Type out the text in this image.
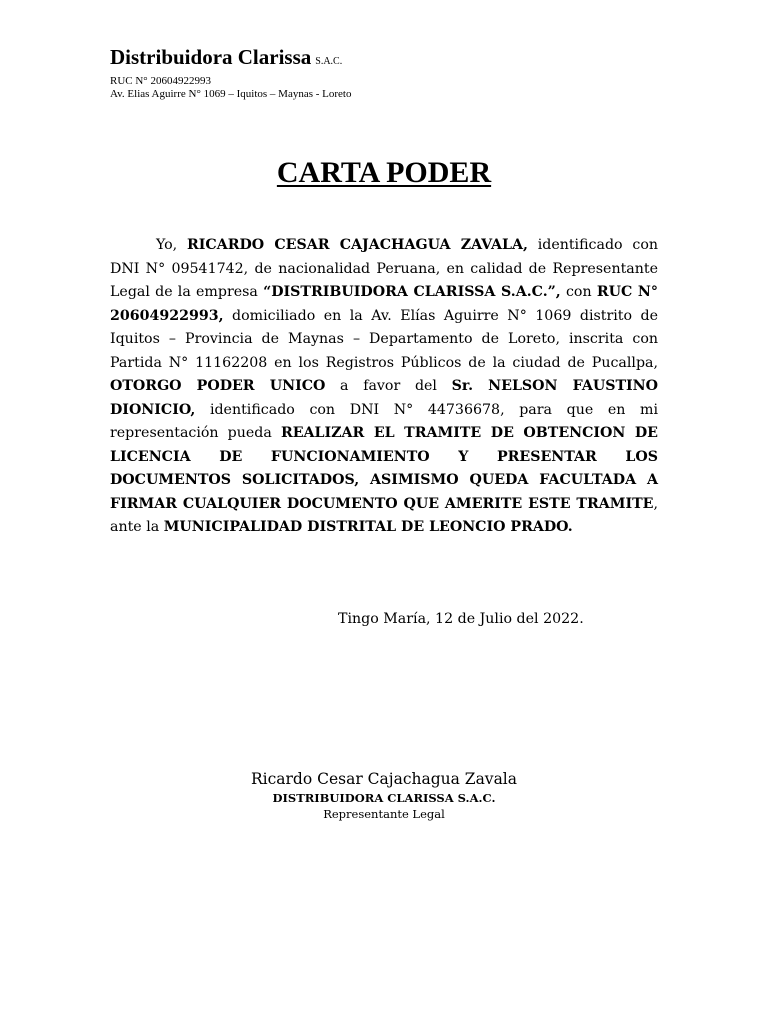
Distribuidora Clarissa S.A.C.
RUC N° 20604922993
Av. Elias Aguirre N° 1069 – Iquitos – Maynas - Loreto
CARTA PODER

Yo, RICARDO CESAR CAJACHAGUA ZAVALA, identificado con DNI N° 09541742, de nacionalidad Peruana, en calidad de Representante Legal de la empresa “DISTRIBUIDORA CLARISSA S.A.C.”, con RUC N° 20604922993, domiciliado en la Av. Elías Aguirre N° 1069 distrito de Iquitos – Provincia de Maynas – Departamento de Loreto, inscrita con Partida N° 11162208 en los Registros Públicos de la ciudad de Pucallpa, OTORGO PODER UNICO a favor del Sr. NELSON FAUSTINO DIONICIO, identificado con DNI N° 44736678, para que en mi representación pueda REALIZAR EL TRAMITE DE OBTENCION DE LICENCIA DE FUNCIONAMIENTO Y PRESENTAR LOS DOCUMENTOS SOLICITADOS, ASIMISMO QUEDA FACULTADA A FIRMAR CUALQUIER DOCUMENTO QUE AMERITE ESTE TRAMITE, ante la MUNICIPALIDAD DISTRITAL DE LEONCIO PRADO.

Tingo María, 12 de Julio del 2022.
Ricardo Cesar Cajachagua Zavala
DISTRIBUIDORA CLARISSA S.A.C.
Representante Legal
